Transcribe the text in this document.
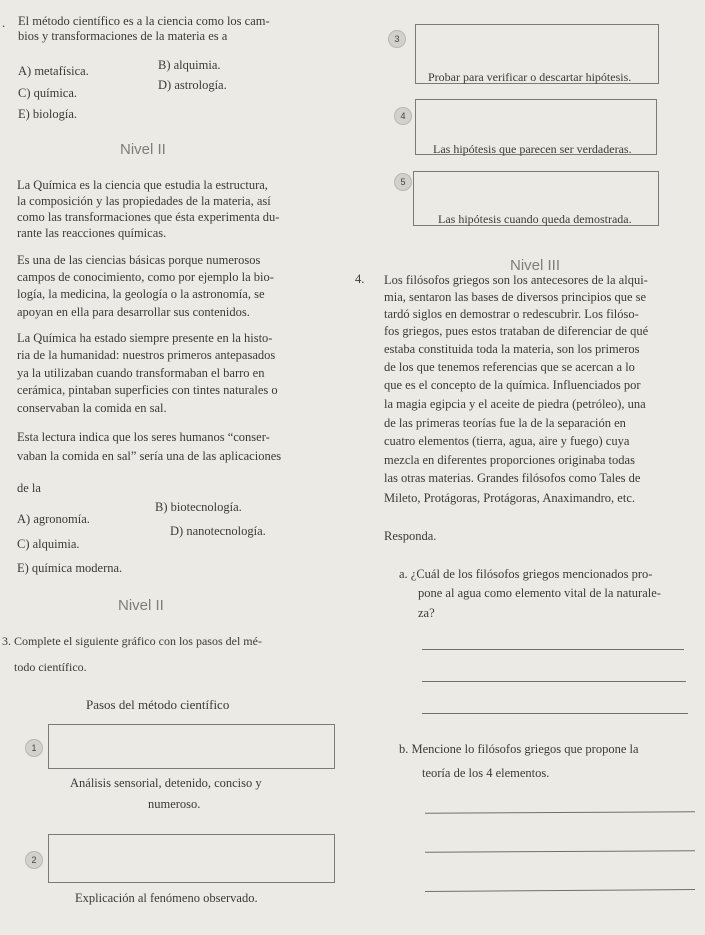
. El método científico es a la ciencia como los cam-
bios y transformaciones de la materia es a
A) metafísica.	B) alquimia.
C) química.
D) astrología.
E) biología.
Nivel II
La Química es la ciencia que estudia la estructura,
la composición y las propiedades de la materia, así
como las transformaciones que ésta experimenta du-
rante las reacciones químicas.
Es una de las ciencias básicas porque numerosos
campos de conocimiento, como por ejemplo la bio-
logía, la medicina, la geología o la astronomía, se
apoyan en ella para desarrollar sus contenidos.
La Química ha estado siempre presente en la histo-
ria de la humanidad: nuestros primeros antepasados
ya la utilizaban cuando transformaban el barro en
cerámica, pintaban superficies con tintes naturales o
conservaban la comida en sal.
Esta lectura indica que los seres humanos “conser-
vaban la comida en sal” sería una de las aplicaciones
de la
A) agronomía.
B) biotecnología.
C) alquimia.
D) nanotecnología.
E) química moderna.
Nivel II
3. Complete el siguiente gráfico con los pasos del mé-
todo científico.
Pasos del método científico
1
Análisis sensorial, detenido, conciso y
numeroso.
2
Explicación al fenómeno observado.
3
Probar para verificar o descartar hipótesis.
4
Las hipótesis que parecen ser verdaderas.
5
Las hipótesis cuando queda demostrada.
Nivel III
4. Los filósofos griegos son los antecesores de la alqui-
mia, sentaron las bases de diversos principios que se
tardó siglos en demostrar o redescubrir. Los filóso-
fos griegos, pues estos trataban de diferenciar de qué
estaba constituida toda la materia, son los primeros
de los que tenemos referencias que se acercan a lo
que es el concepto de la química. Influenciados por
la magia egipcia y el aceite de piedra (petróleo), una
de las primeras teorías fue la de la separación en
cuatro elementos (tierra, agua, aire y fuego) cuya
mezcla en diferentes proporciones originaba todas
las otras materias. Grandes filósofos como Tales de
Mileto, Protágoras, Protágoras, Anaximandro, etc.
Responda.
a. ¿Cuál de los filósofos griegos mencionados pro-
pone al agua como elemento vital de la naturale-
za?
b. Mencione lo filósofos griegos que propone la
teoría de los 4 elementos.
